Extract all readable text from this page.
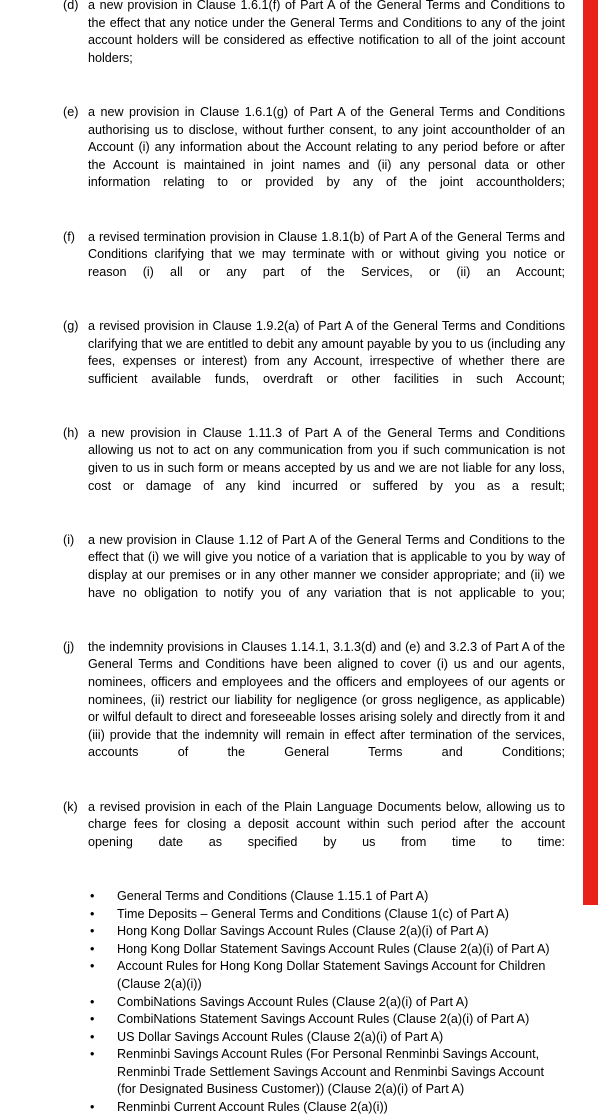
(d) a new provision in Clause 1.6.1(f) of Part A of the General Terms and Conditions to the effect that any notice under the General Terms and Conditions to any of the joint account holders will be considered as effective notification to all of the joint account holders;
(e) a new provision in Clause 1.6.1(g) of Part A of the General Terms and Conditions authorising us to disclose, without further consent, to any joint accountholder of an Account (i) any information about the Account relating to any period before or after the Account is maintained in joint names and (ii) any personal data or other information relating to or provided by any of the joint accountholders;
(f)	a revised termination provision in Clause 1.8.1(b) of Part A of the General Terms and Conditions clarifying that we may terminate with or without giving you notice or reason (i) all or any part of the Services, or (ii) an Account;
(g) a revised provision in Clause 1.9.2(a) of Part A of the General Terms and Conditions clarifying that we are entitled to debit any amount payable by you to us (including any fees, expenses or interest) from any Account, irrespective of whether there are sufficient available funds, overdraft or other facilities in such Account;
(h) a new provision in Clause 1.11.3 of Part A of the General Terms and Conditions allowing us not to act on any communication from you if such communication is not given to us in such form or means accepted by us and we are not liable for any loss, cost or damage of any kind incurred or suffered by you as a result;
(i)	a new provision in Clause 1.12 of Part A of the General Terms and Conditions to the effect that (i) we will give you notice of a variation that is applicable to you by way of display at our premises or in any other manner we consider appropriate; and (ii) we have no obligation to notify you of any variation that is not applicable to you;
(j)	the indemnity provisions in Clauses 1.14.1, 3.1.3(d) and (e) and 3.2.3 of Part A of the General Terms and Conditions have been aligned to cover (i) us and our agents, nominees, officers and employees and the officers and employees of our agents or nominees, (ii) restrict our liability for negligence (or gross negligence, as applicable) or wilful default to direct and foreseeable losses arising solely and directly from it and (iii) provide that the indemnity will remain in effect after termination of the services, accounts of the General Terms and Conditions;
(k) a revised provision in each of the Plain Language Documents below, allowing us to charge fees for closing a deposit account within such period after the account opening date as specified by us from time to time:
• General Terms and Conditions (Clause 1.15.1 of Part A)
• Time Deposits – General Terms and Conditions (Clause 1(c) of Part A)
• Hong Kong Dollar Savings Account Rules (Clause 2(a)(i) of Part A)
• Hong Kong Dollar Statement Savings Account Rules (Clause 2(a)(i) of Part A)
• Account Rules for Hong Kong Dollar Statement Savings Account for Children (Clause 2(a)(i))
• CombiNations Savings Account Rules (Clause 2(a)(i) of Part A)
• CombiNations Statement Savings Account Rules (Clause 2(a)(i) of Part A)
• US Dollar Savings Account Rules (Clause 2(a)(i) of Part A)
• Renminbi Savings Account Rules (For Personal Renminbi Savings Account, Renminbi Trade Settlement Savings Account and Renminbi Savings Account (for Designated Business Customer)) (Clause 2(a)(i) of Part A)
• Renminbi Current Account Rules (Clause 2(a)(i))
